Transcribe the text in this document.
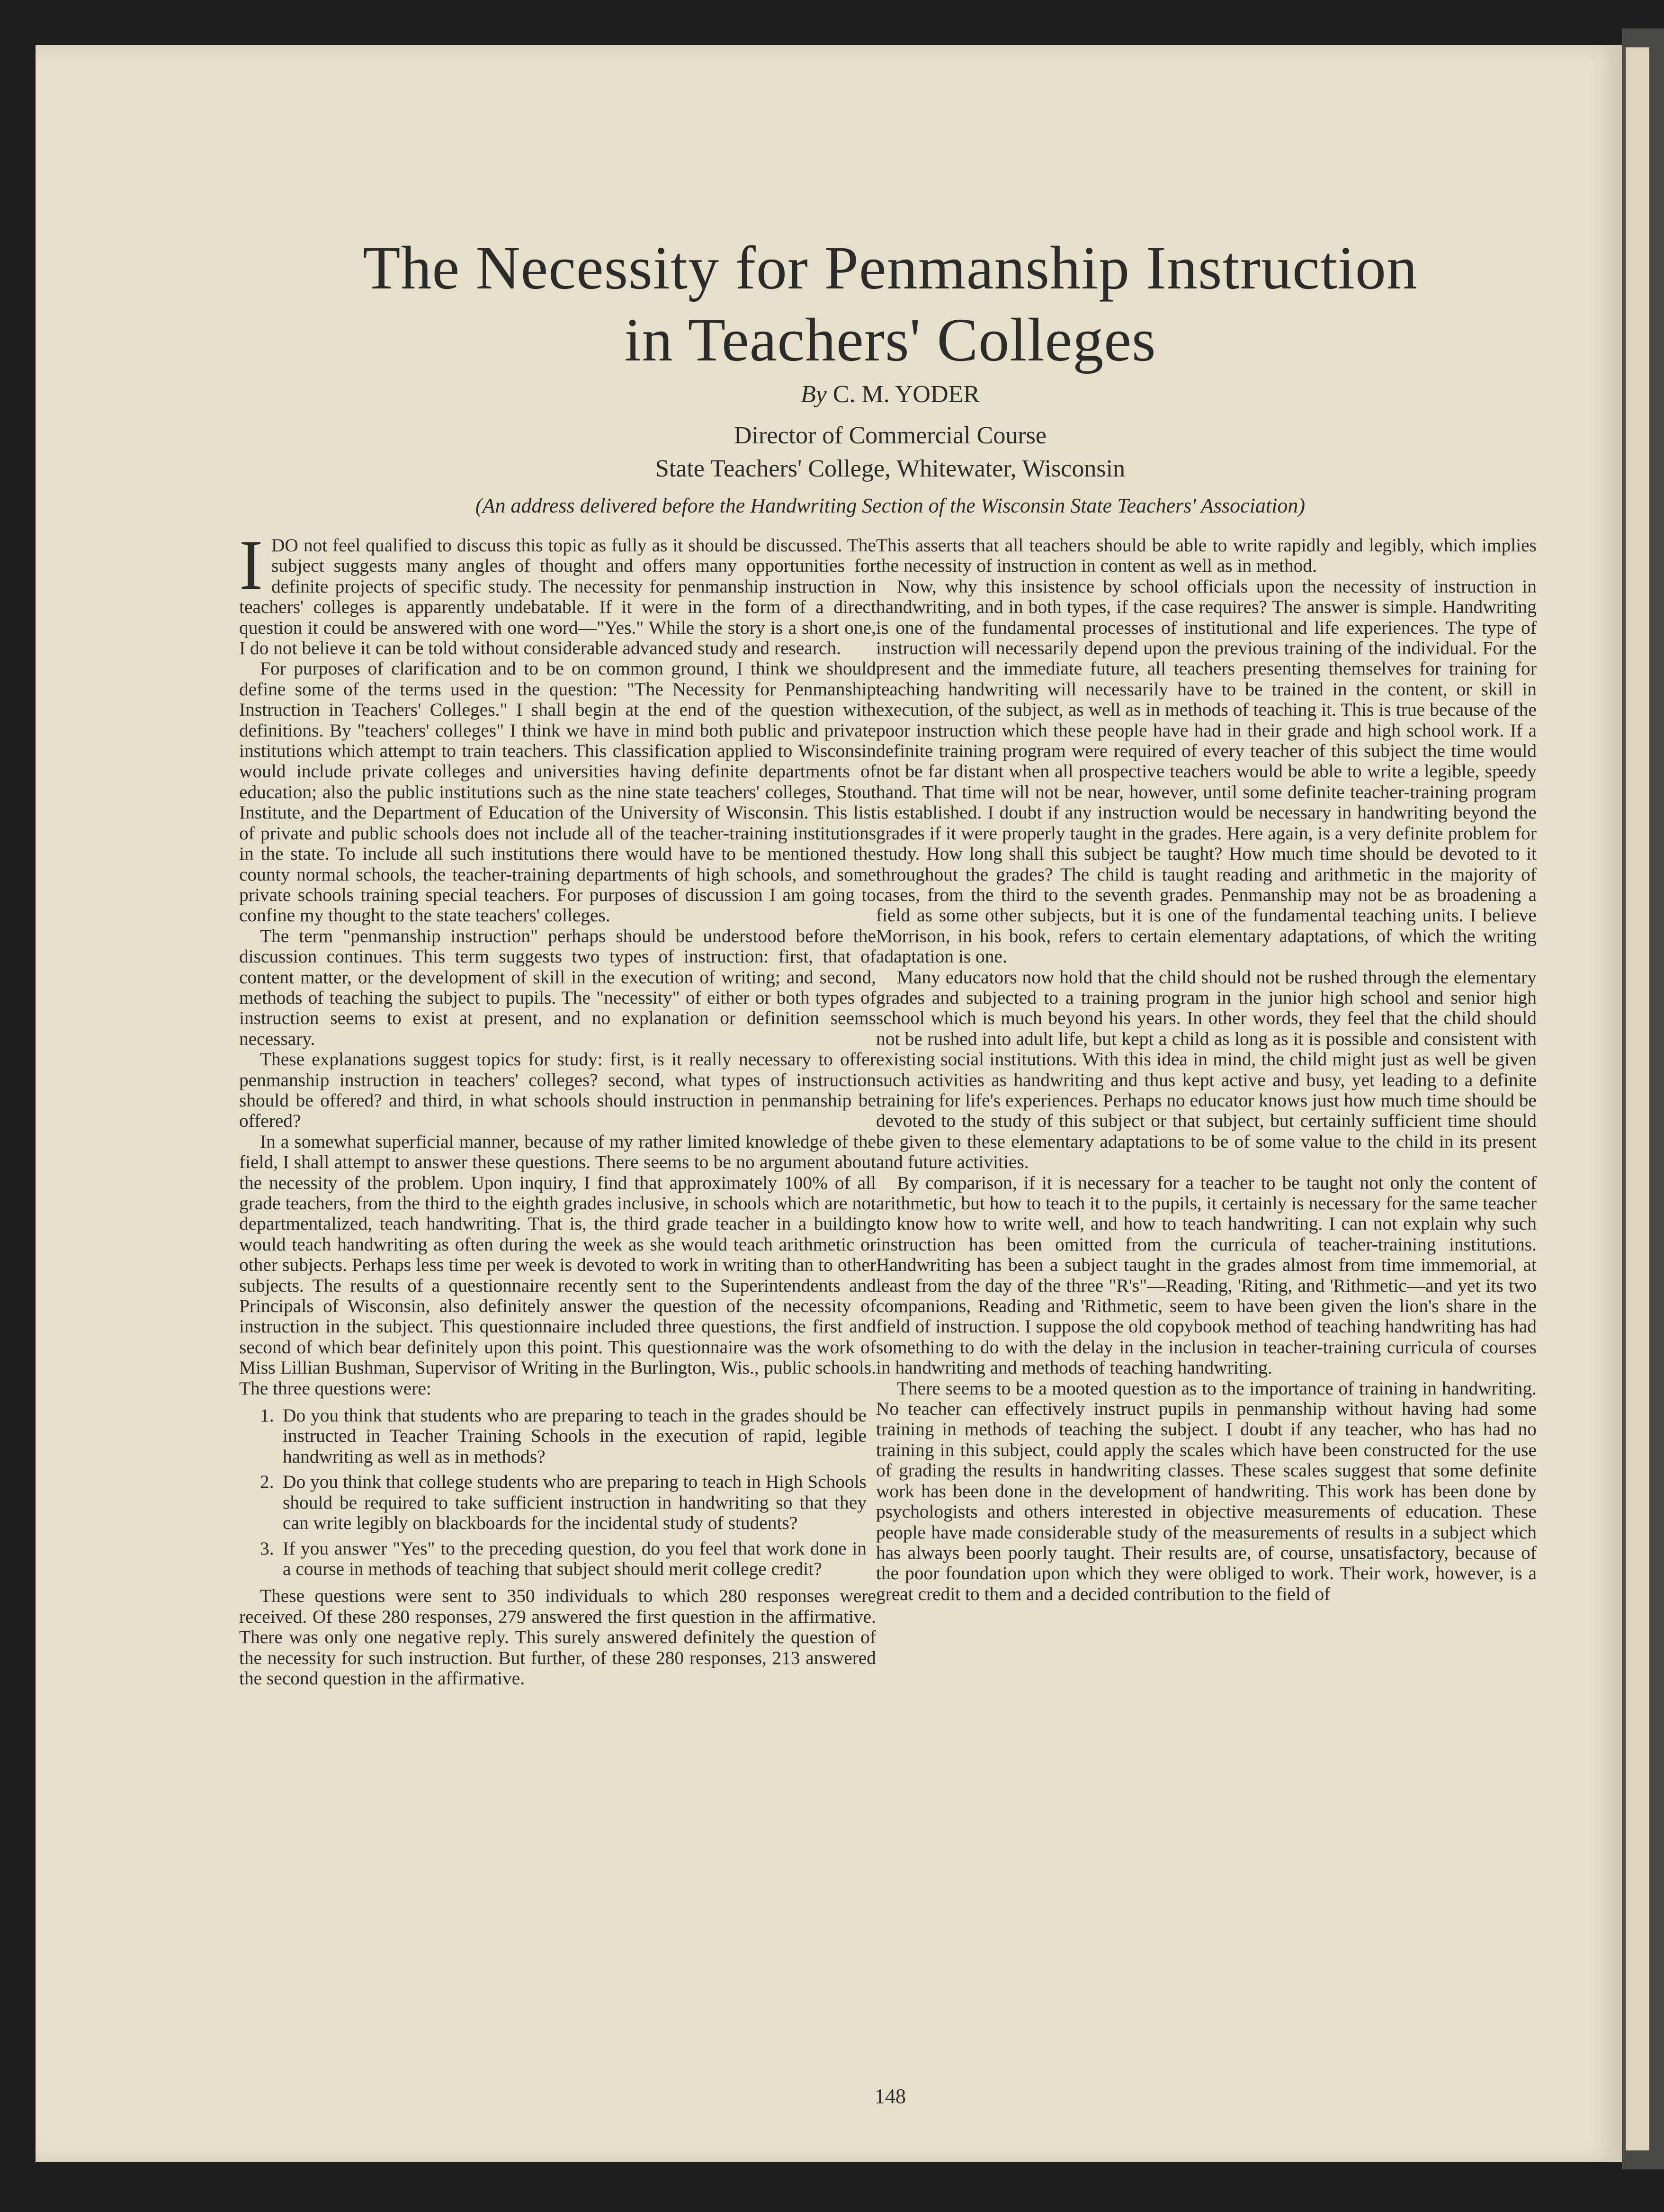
The Necessity for Penmanship Instruction
in Teachers' Colleges
By C. M. YODER
Director of Commercial Course
State Teachers' College, Whitewater, Wisconsin
(An address delivered before the Handwriting Section of the Wisconsin State Teachers' Association)

IDO not feel qualified to discuss this topic as fully as it should be discussed. The subject suggests many angles of thought and offers many opportunities for definite projects of specific study. The necessity for penmanship instruction in teachers' colleges is apparently undebatable. If it were in the form of a direct question it could be answered with one word—"Yes." While the story is a short one, I do not believe it can be told without considerable advanced study and research.

For purposes of clarification and to be on common ground, I think we should define some of the terms used in the question: "The Necessity for Penmanship Instruction in Teachers' Colleges." I shall begin at the end of the question with definitions. By "teachers' colleges" I think we have in mind both public and private institutions which attempt to train teachers. This classification applied to Wisconsin would include private colleges and universities having definite departments of education; also the public institutions such as the nine state teachers' colleges, Stout Institute, and the Department of Education of the University of Wisconsin. This list of private and public schools does not include all of the teacher-training institutions in the state. To include all such institutions there would have to be mentioned the county normal schools, the teacher-training departments of high schools, and some private schools training special teachers. For purposes of discussion I am going to confine my thought to the state teachers' colleges.

The term "penmanship instruction" perhaps should be understood before the discussion continues. This term suggests two types of instruction: first, that of content matter, or the development of skill in the execution of writing; and second, methods of teaching the subject to pupils. The "necessity" of either or both types of instruction seems to exist at present, and no explanation or definition seems necessary.

These explanations suggest topics for study: first, is it really necessary to offer penmanship instruction in teachers' colleges? second, what types of instruction should be offered? and third, in what schools should instruction in penmanship be offered?

In a somewhat superficial manner, because of my rather limited knowledge of the field, I shall attempt to answer these questions. There seems to be no argument about the necessity of the problem. Upon inquiry, I find that approximately 100% of all grade teachers, from the third to the eighth grades inclusive, in schools which are not departmentalized, teach handwriting. That is, the third grade teacher in a building would teach handwriting as often during the week as she would teach arithmetic or other subjects. Perhaps less time per week is devoted to work in writing than to other subjects. The results of a questionnaire recently sent to the Superintendents and Principals of Wisconsin, also definitely answer the question of the necessity of instruction in the subject. This questionnaire included three questions, the first and second of which bear definitely upon this point. This questionnaire was the work of Miss Lillian Bushman, Supervisor of Writing in the Burlington, Wis., public schools. The three questions were:

1. Do you think that students who are preparing to teach in the grades should be instructed in Teacher Training Schools in the execution of rapid, legible handwriting as well as in methods?
2. Do you think that college students who are preparing to teach in High Schools should be required to take sufficient instruction in handwriting so that they can write legibly on blackboards for the incidental study of students?
3. If you answer "Yes" to the preceding question, do you feel that work done in a course in methods of teaching that subject should merit college credit?

These questions were sent to 350 individuals to which 280 responses were received. Of these 280 responses, 279 answered the first question in the affirmative. There was only one negative reply. This surely answered definitely the question of the necessity for such instruction. But further, of these 280 responses, 213 answered the second question in the affirmative.

This asserts that all teachers should be able to write rapidly and legibly, which implies the necessity of instruction in content as well as in method.

Now, why this insistence by school officials upon the necessity of instruction in handwriting, and in both types, if the case requires? The answer is simple. Handwriting is one of the fundamental processes of institutional and life experiences. The type of instruction will necessarily depend upon the previous training of the individual. For the present and the immediate future, all teachers presenting themselves for training for teaching handwriting will necessarily have to be trained in the content, or skill in execution, of the subject, as well as in methods of teaching it. This is true because of the poor instruction which these people have had in their grade and high school work. If a definite training program were required of every teacher of this subject the time would not be far distant when all prospective teachers would be able to write a legible, speedy hand. That time will not be near, however, until some definite teacher-training program is established. I doubt if any instruction would be necessary in handwriting beyond the grades if it were properly taught in the grades. Here again, is a very definite problem for study. How long shall this subject be taught? How much time should be devoted to it throughout the grades? The child is taught reading and arithmetic in the majority of cases, from the third to the seventh grades. Penmanship may not be as broadening a field as some other subjects, but it is one of the fundamental teaching units. I believe Morrison, in his book, refers to certain elementary adaptations, of which the writing adaptation is one.

Many educators now hold that the child should not be rushed through the elementary grades and subjected to a training program in the junior high school and senior high school which is much beyond his years. In other words, they feel that the child should not be rushed into adult life, but kept a child as long as it is possible and consistent with existing social institutions. With this idea in mind, the child might just as well be given such activities as handwriting and thus kept active and busy, yet leading to a definite training for life's experiences. Perhaps no educator knows just how much time should be devoted to the study of this subject or that subject, but certainly sufficient time should be given to these elementary adaptations to be of some value to the child in its present and future activities.

By comparison, if it is necessary for a teacher to be taught not only the content of arithmetic, but how to teach it to the pupils, it certainly is necessary for the same teacher to know how to write well, and how to teach handwriting. I can not explain why such instruction has been omitted from the curricula of teacher-training institutions. Handwriting has been a subject taught in the grades almost from time immemorial, at least from the day of the three "R's"—Reading, 'Riting, and 'Rithmetic—and yet its two companions, Reading and 'Rithmetic, seem to have been given the lion's share in the field of instruction. I suppose the old copybook method of teaching handwriting has had something to do with the delay in the inclusion in teacher-training curricula of courses in handwriting and methods of teaching handwriting.

There seems to be a mooted question as to the importance of training in handwriting. No teacher can effectively instruct pupils in penmanship without having had some training in methods of teaching the subject. I doubt if any teacher, who has had no training in this subject, could apply the scales which have been constructed for the use of grading the results in handwriting classes. These scales suggest that some definite work has been done in the development of handwriting. This work has been done by psychologists and others interested in objective measurements of education. These people have made considerable study of the measurements of results in a subject which has always been poorly taught. Their results are, of course, unsatisfactory, because of the poor foundation upon which they were obliged to work. Their work, however, is a great credit to them and a decided contribution to the field of

148
